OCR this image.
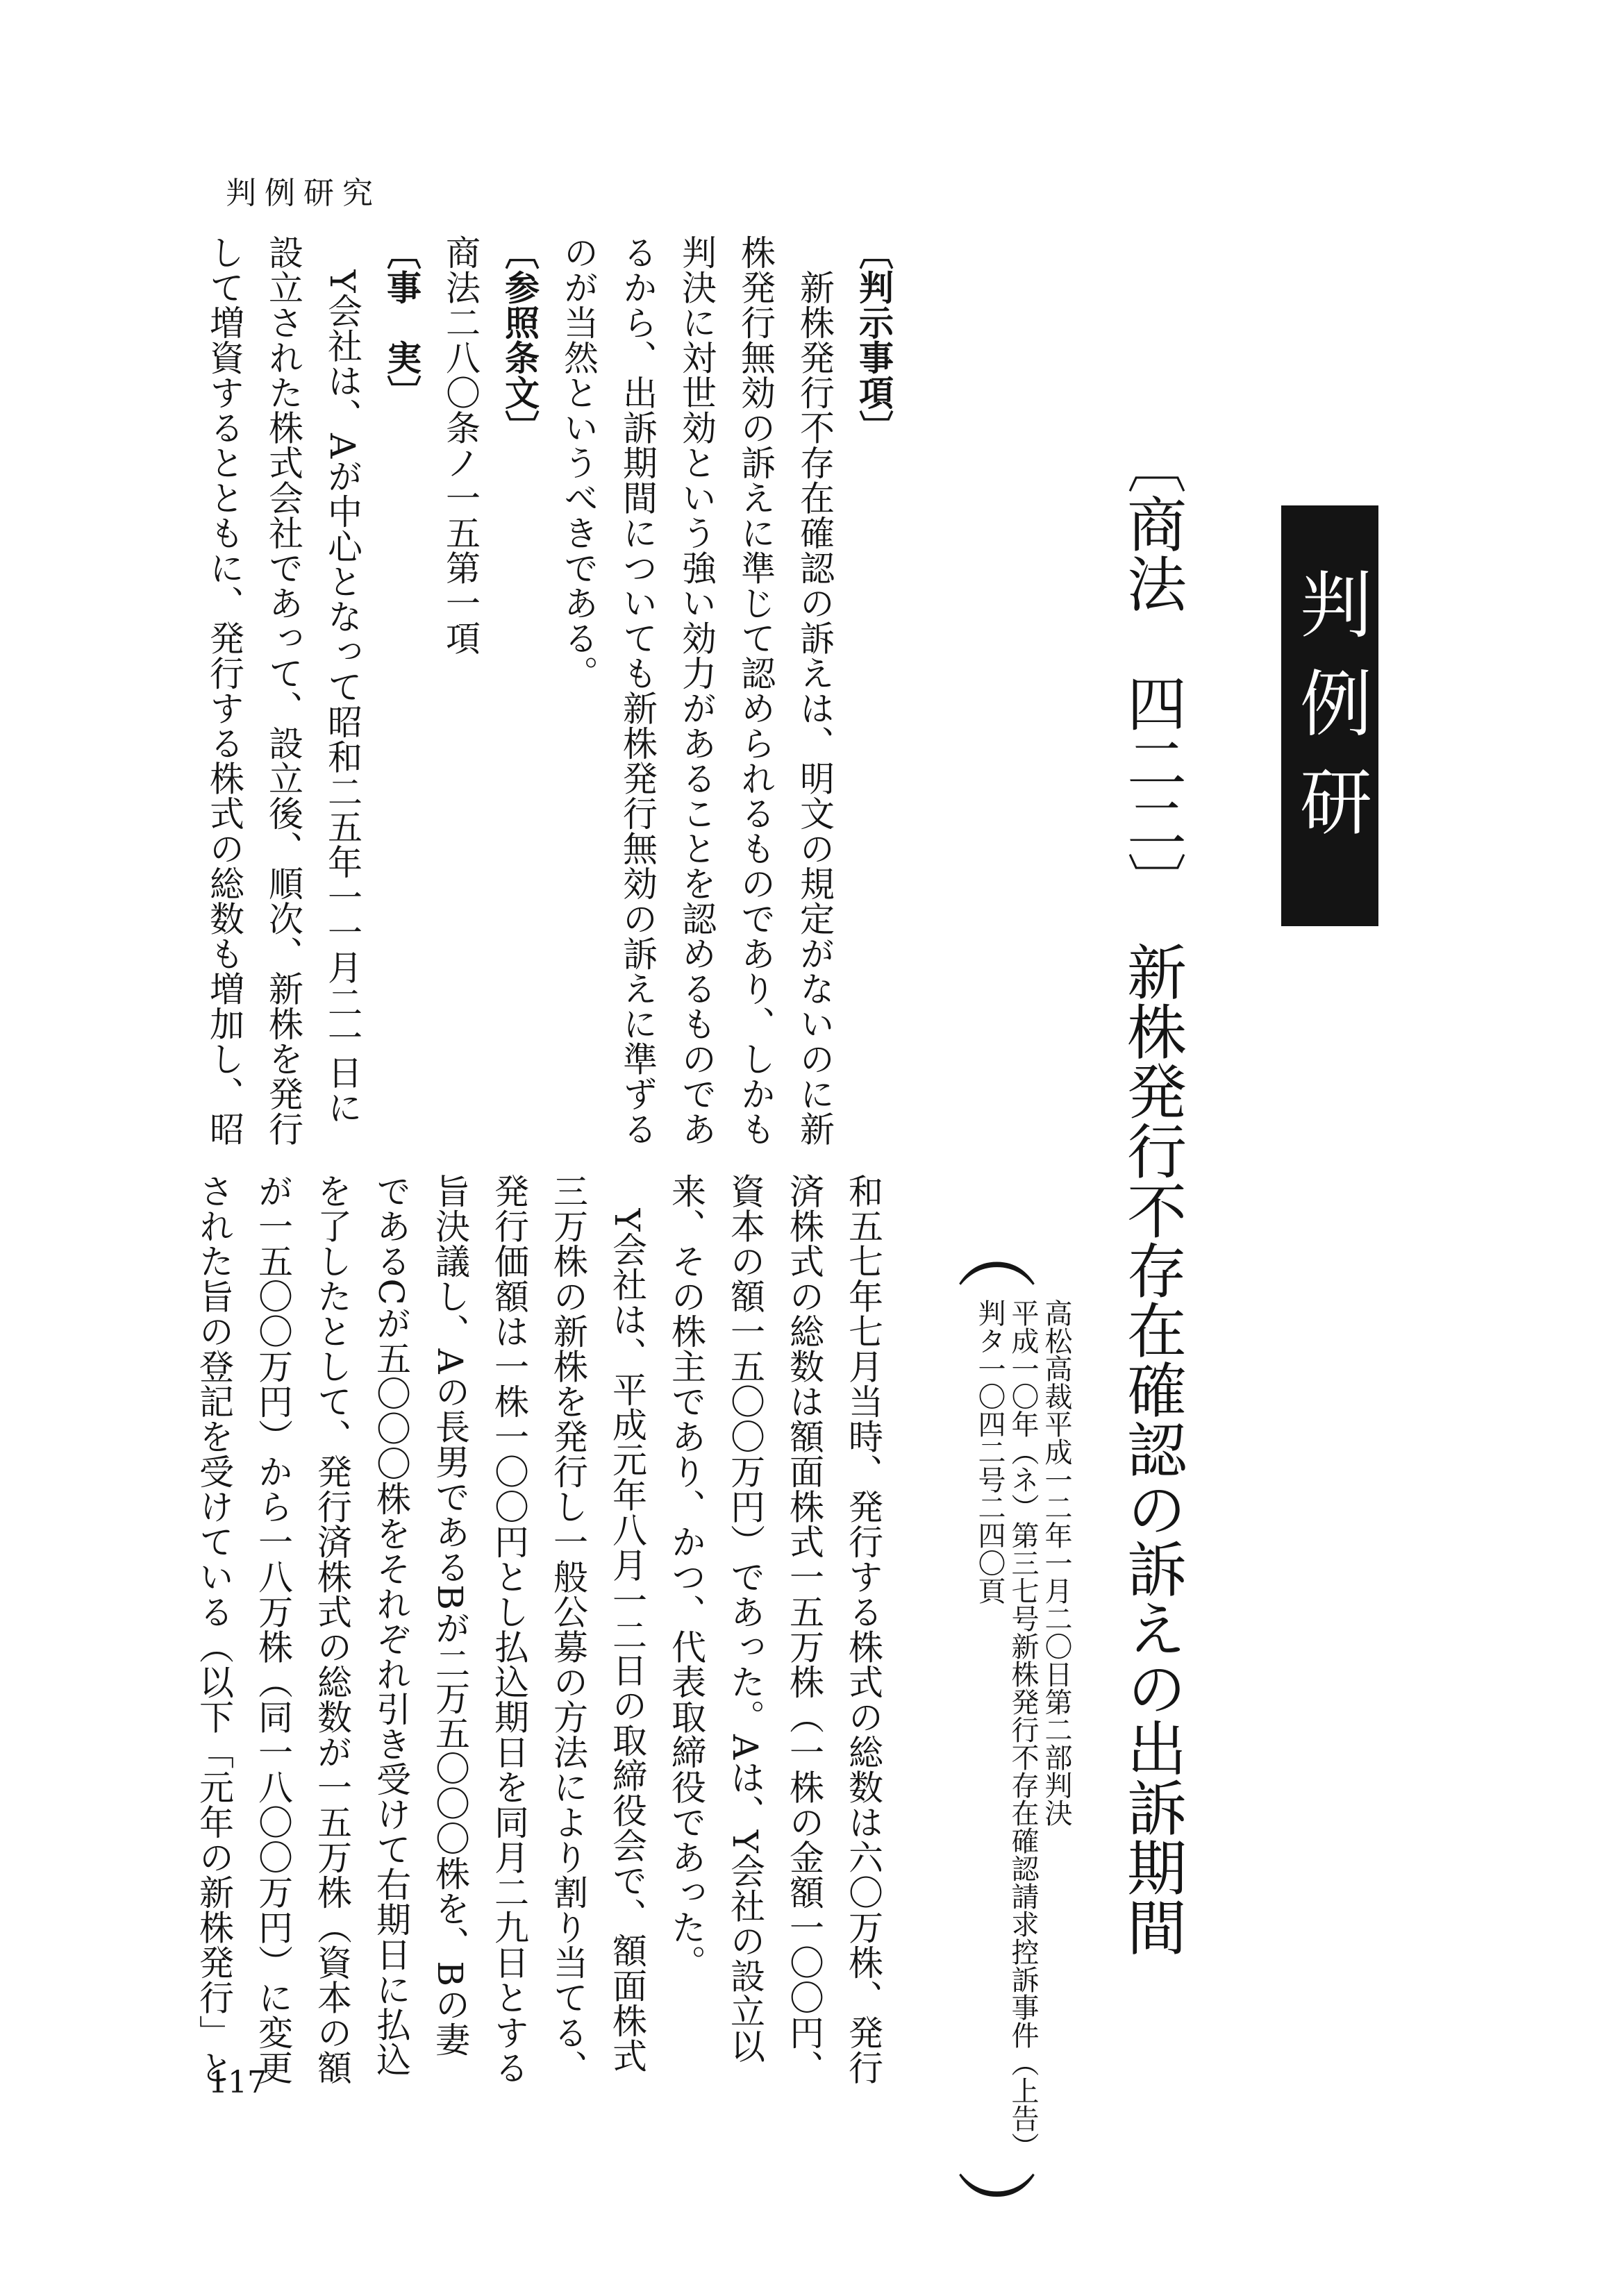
判例研究
判例研究
〔商法　四二二〕　新株発行不存在確認の訴えの出訴期間
（
高松高裁平成一二年一月二〇日第二部判決
平成一〇年（ネ）第三七号新株発行不存在確認請求控訴事件（上告）
判タ一〇四二号二四〇頁
）
〔判示事項〕
　新株発行不存在確認の訴えは、明文の規定がないのに新
株発行無効の訴えに準じて認められるものであり、しかも
判決に対世効という強い効力があることを認めるものであ
るから、出訴期間についても新株発行無効の訴えに準ずる
のが当然というべきである。
〔参照条文〕
商法二八〇条ノ一五第一項
〔事　実〕
　Y会社は、Aが中心となって昭和二五年一一月二一日に
設立された株式会社であって、設立後、順次、新株を発行
して増資するとともに、発行する株式の総数も増加し、昭
和五七年七月当時、発行する株式の総数は六〇万株、発行
済株式の総数は額面株式一五万株（一株の金額一〇〇円、
資本の額一五〇〇万円）であった。Aは、Y会社の設立以
来、その株主であり、かつ、代表取締役であった。
　Y会社は、平成元年八月一二日の取締役会で、額面株式
三万株の新株を発行し一般公募の方法により割り当てる、
発行価額は一株一〇〇円とし払込期日を同月二九日とする
旨決議し、Aの長男であるBが二万五〇〇〇株を、Bの妻
であるCが五〇〇〇株をそれぞれ引き受けて右期日に払込
を了したとして、発行済株式の総数が一五万株（資本の額
が一五〇〇万円）から一八万株（同一八〇〇万円）に変更
された旨の登記を受けている（以下「元年の新株発行」と
117
